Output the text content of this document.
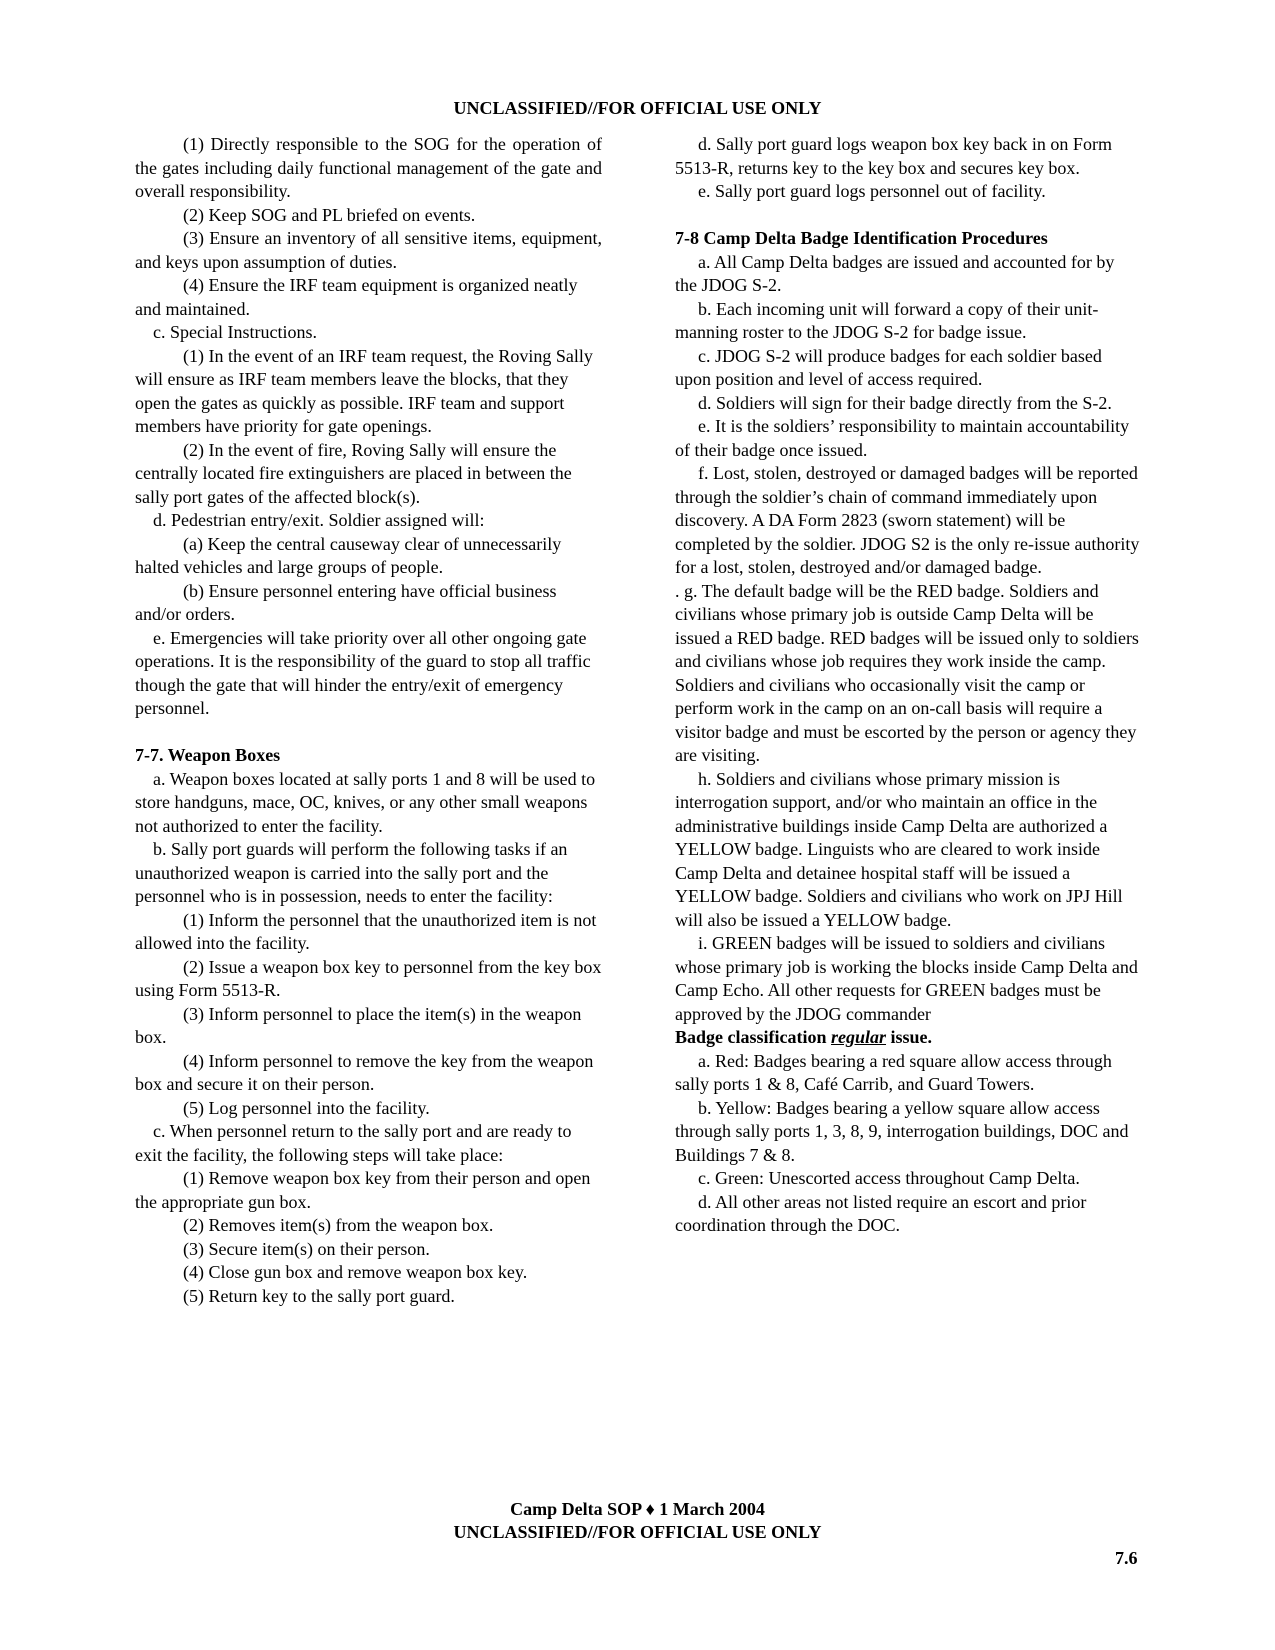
UNCLASSIFIED//FOR OFFICIAL USE ONLY

(1) Directly responsible to the SOG for the operation of the gates including daily functional management of the gate and overall responsibility.

(2) Keep SOG and PL briefed on events.

(3) Ensure an inventory of all sensitive items, equipment, and keys upon assumption of duties.

(4) Ensure the IRF team equipment is organized neatly and maintained.

c. Special Instructions.

(1) In the event of an IRF team request, the Roving Sally will ensure as IRF team members leave the blocks, that they open the gates as quickly as possible. IRF team and support members have priority for gate openings.

(2) In the event of fire, Roving Sally will ensure the centrally located fire extinguishers are placed in between the sally port gates of the affected block(s).

d. Pedestrian entry/exit. Soldier assigned will:

(a) Keep the central causeway clear of unnecessarily halted vehicles and large groups of people.

(b) Ensure personnel entering have official business and/or orders.

e. Emergencies will take priority over all other ongoing gate operations. It is the responsibility of the guard to stop all traffic though the gate that will hinder the entry/exit of emergency personnel.

7-7. Weapon Boxes

a. Weapon boxes located at sally ports 1 and 8 will be used to store handguns, mace, OC, knives, or any other small weapons not authorized to enter the facility.

b. Sally port guards will perform the following tasks if an unauthorized weapon is carried into the sally port and the personnel who is in possession, needs to enter the facility:

(1) Inform the personnel that the unauthorized item is not allowed into the facility.

(2) Issue a weapon box key to personnel from the key box using Form 5513-R.

(3) Inform personnel to place the item(s) in the weapon box.

(4) Inform personnel to remove the key from the weapon box and secure it on their person.

(5) Log personnel into the facility.

c. When personnel return to the sally port and are ready to exit the facility, the following steps will take place:

(1) Remove weapon box key from their person and open the appropriate gun box.

(2) Removes item(s) from the weapon box.

(3) Secure item(s) on their person.

(4) Close gun box and remove weapon box key.

(5) Return key to the sally port guard.

d. Sally port guard logs weapon box key back in on Form 5513-R, returns key to the key box and secures key box.

e. Sally port guard logs personnel out of facility.

7-8 Camp Delta Badge Identification Procedures

a. All Camp Delta badges are issued and accounted for by the JDOG S-2.

b. Each incoming unit will forward a copy of their unit-manning roster to the JDOG S-2 for badge issue.

c. JDOG S-2 will produce badges for each soldier based upon position and level of access required.

d. Soldiers will sign for their badge directly from the S-2.

e. It is the soldiers’ responsibility to maintain accountability of their badge once issued.

f. Lost, stolen, destroyed or damaged badges will be reported through the soldier’s chain of command immediately upon discovery. A DA Form 2823 (sworn statement) will be completed by the soldier. JDOG S2 is the only re-issue authority for a lost, stolen, destroyed and/or damaged badge.

. g. The default badge will be the RED badge. Soldiers and civilians whose primary job is outside Camp Delta will be issued a RED badge. RED badges will be issued only to soldiers and civilians whose job requires they work inside the camp. Soldiers and civilians who occasionally visit the camp or perform work in the camp on an on-call basis will require a visitor badge and must be escorted by the person or agency they are visiting.

h. Soldiers and civilians whose primary mission is interrogation support, and/or who maintain an office in the administrative buildings inside Camp Delta are authorized a YELLOW badge. Linguists who are cleared to work inside Camp Delta and detainee hospital staff will be issued a YELLOW badge. Soldiers and civilians who work on JPJ Hill will also be issued a YELLOW badge.

i. GREEN badges will be issued to soldiers and civilians whose primary job is working the blocks inside Camp Delta and Camp Echo. All other requests for GREEN badges must be approved by the JDOG commander

Badge classification regular issue.

a. Red: Badges bearing a red square allow access through sally ports 1 & 8, Café Carrib, and Guard Towers.

b. Yellow: Badges bearing a yellow square allow access through sally ports 1, 3, 8, 9, interrogation buildings, DOC and Buildings 7 & 8.

c. Green: Unescorted access throughout Camp Delta.

d. All other areas not listed require an escort and prior coordination through the DOC.

Camp Delta SOP ♦ 1 March 2004
UNCLASSIFIED//FOR OFFICIAL USE ONLY
7.6
